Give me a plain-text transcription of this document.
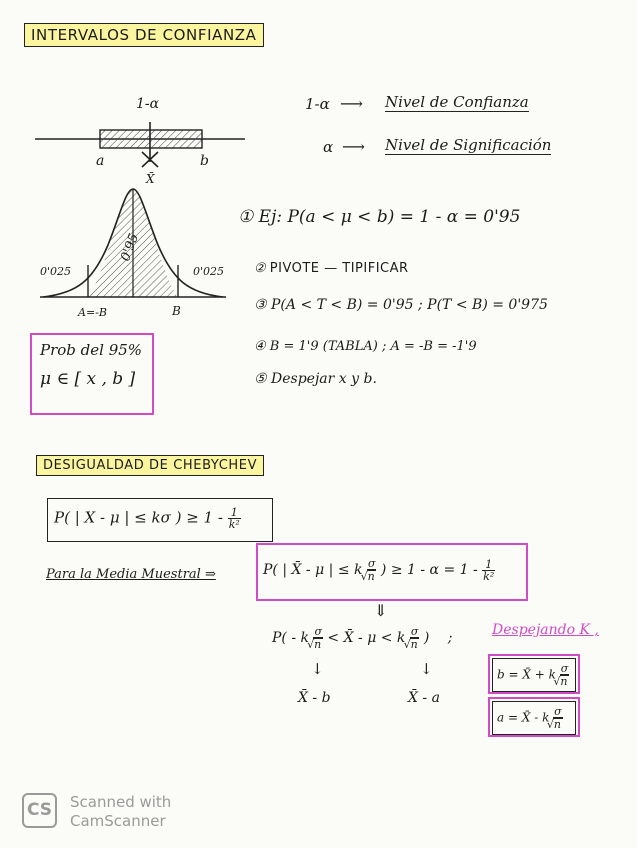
INTERVALOS DE CONFIANZA
1-α
a	b
X̄
0'95
0'025	0'025
A=-B	B
1-α ⟶ Nivel de Confianza
α ⟶ Nivel de Significación
① Ej: P(a < μ < b) = 1 - α = 0'95
② PIVOTE — TIPIFICAR
③ P(A < T < B) = 0'95 ; P(T < B) = 0'975
④ B = 1'9 (TABLA) ; A = -B = -1'9
⑤ Despejar x y b.
Prob del 95%
μ ∈ [ x , b ]
DESIGUALDAD DE CHEBYCHEV
P( | X - μ | ≤ kσ ) ≥ $1 - \frac{1}{\text{k²}}$
Para la Media Muestral ⇒	P( | X̄ - μ | ≤ k σ
√ n ) ≥ $1 - \alpha = 1 - \frac{1}{\text{k²}}$
⇓
P( - k σ
√ n < X̄ - μ < k σ
√ n ) ;
↓	↓
X̄ - b	X̄ - a
Despejando K ,
b = X̄ + k σ
√ n
a = X̄ - k σ
√ n
CS	Scanned with
CamScanner
